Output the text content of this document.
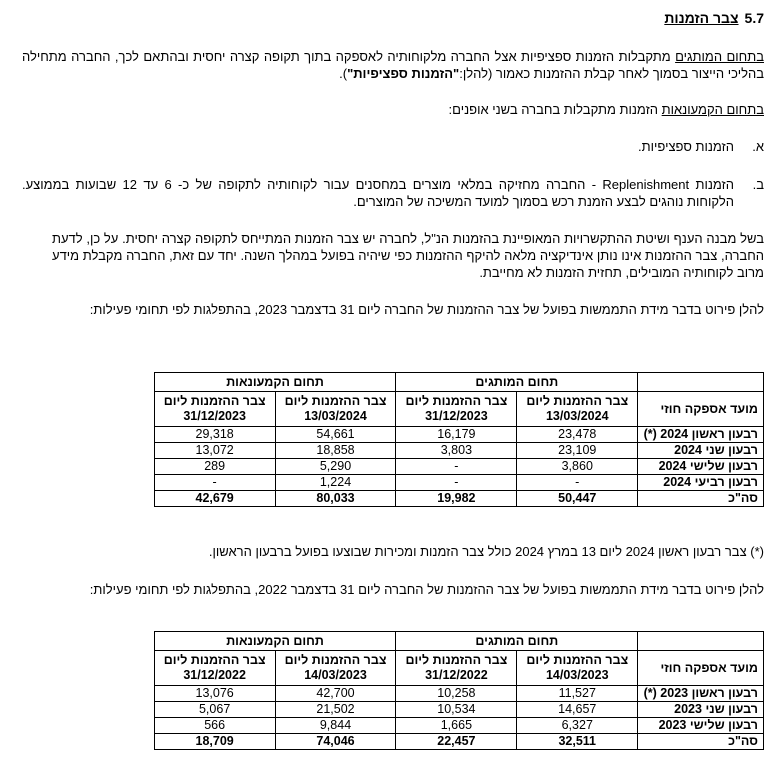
5.7צבר הזמנות

בתחום המותגים מתקבלות הזמנות ספציפיות אצל החברה מלקוחותיה לאספקה בתוך תקופה קצרה יחסית ובהתאם לכך, החברה מתחילה בהליכי הייצור בסמוך לאחר קבלת ההזמנות כאמור (להלן:"הזמנות ספציפיות").

בתחום הקמעונאות הזמנות מתקבלות בחברה בשני אופנים:

א.
הזמנות ספציפיות.
ב.
הזמנות Replenishment - החברה מחזיקה במלאי מוצרים במחסנים עבור לקוחותיה לתקופה של כ- 6 עד 12 שבועות בממוצע. הלקוחות נוהגים לבצע הזמנת רכש בסמוך למועד המשיכה של המוצרים.

בשל מבנה הענף ושיטת ההתקשרויות המאופיינת בהזמנות הנ"ל, לחברה יש צבר הזמנות המתייחס לתקופה קצרה יחסית. על כן, לדעת החברה, צבר ההזמנות אינו נותן אינדיקציה מלאה להיקף ההזמנות כפי שיהיה בפועל במהלך השנה. יחד עם זאת, החברה מקבלת מידע מרוב לקוחותיה המובילים, תחזית הזמנות לא מחייבת.

להלן פירוט בדבר מידת התממשות בפועל של צבר ההזמנות של החברה ליום 31 בדצמבר 2023, בהתפלגות לפי תחומי פעילות:

	תחום המותגים		תחום הקמעונאות	
מועד אספקה חוזי	צבר ההזמנות ליום 13/03/2024	צבר ההזמנות ליום 31/12/2023	צבר ההזמנות ליום 13/03/2024	צבר ההזמנות ליום 31/12/2023
רבעון ראשון 2024 (*)	23,478	16,179	54,661	29,318
רבעון שני 2024	23,109	3,803	18,858	13,072
רבעון שלישי 2024	3,860	-	5,290	289
רבעון רביעי 2024	-	-	1,224	-
סה"כ	50,447	19,982	80,033	42,679

(*) צבר רבעון ראשון 2024 ליום 13 במרץ 2024 כולל צבר הזמנות ומכירות שבוצעו בפועל ברבעון הראשון.

להלן פירוט בדבר מידת התממשות בפועל של צבר ההזמנות של החברה ליום 31 בדצמבר 2022, בהתפלגות לפי תחומי פעילות:

	תחום המותגים		תחום הקמעונאות	
מועד אספקה חוזי	צבר ההזמנות ליום 14/03/2023	צבר ההזמנות ליום 31/12/2022	צבר ההזמנות ליום 14/03/2023	צבר ההזמנות ליום 31/12/2022
רבעון ראשון 2023 (*)	11,527	10,258	42,700	13,076
רבעון שני 2023	14,657	10,534	21,502	5,067
רבעון שלישי 2023	6,327	1,665	9,844	566
סה"כ	32,511	22,457	74,046	18,709
